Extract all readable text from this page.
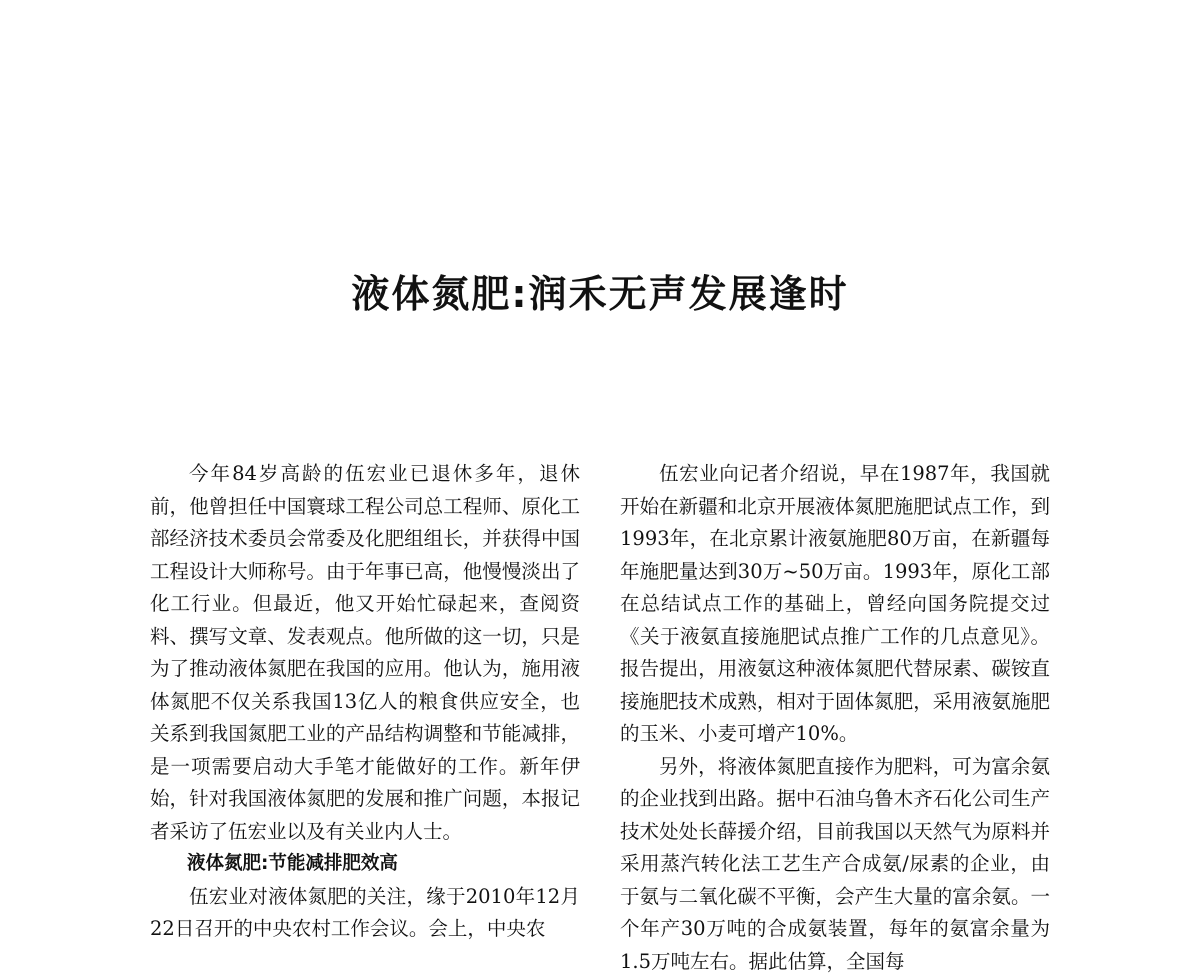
液体氮肥:润禾无声发展逢时

今年84岁高龄的伍宏业已退休多年，退休前，他曾担任中国寰球工程公司总工程师、原化工部经济技术委员会常委及化肥组组长，并获得中国工程设计大师称号。由于年事已高，他慢慢淡出了化工行业。但最近，他又开始忙碌起来，查阅资料、撰写文章、发表观点。他所做的这一切，只是为了推动液体氮肥在我国的应用。他认为，施用液体氮肥不仅关系我国13亿人的粮食供应安全，也关系到我国氮肥工业的产品结构调整和节能减排，是一项需要启动大手笔才能做好的工作。新年伊始，针对我国液体氮肥的发展和推广问题，本报记者采访了伍宏业以及有关业内人士。

液体氮肥:节能减排肥效高

伍宏业对液体氮肥的关注，缘于2010年12月22日召开的中央农村工作会议。会上，中央农

伍宏业向记者介绍说，早在1987年，我国就开始在新疆和北京开展液体氮肥施肥试点工作，到1993年，在北京累计液氨施肥80万亩，在新疆每年施肥量达到30万~50万亩。1993年，原化工部在总结试点工作的基础上，曾经向国务院提交过《关于液氨直接施肥试点推广工作的几点意见》。报告提出，用液氨这种液体氮肥代替尿素、碳铵直接施肥技术成熟，相对于固体氮肥，采用液氨施肥的玉米、小麦可增产10%。

另外，将液体氮肥直接作为肥料，可为富余氨的企业找到出路。据中石油乌鲁木齐石化公司生产技术处处长薛援介绍，目前我国以天然气为原料并采用蒸汽转化法工艺生产合成氨/尿素的企业，由于氨与二氧化碳不平衡，会产生大量的富余氨。一个年产30万吨的合成氨装置，每年的氨富余量为1.5万吨左右。据此估算，全国每
